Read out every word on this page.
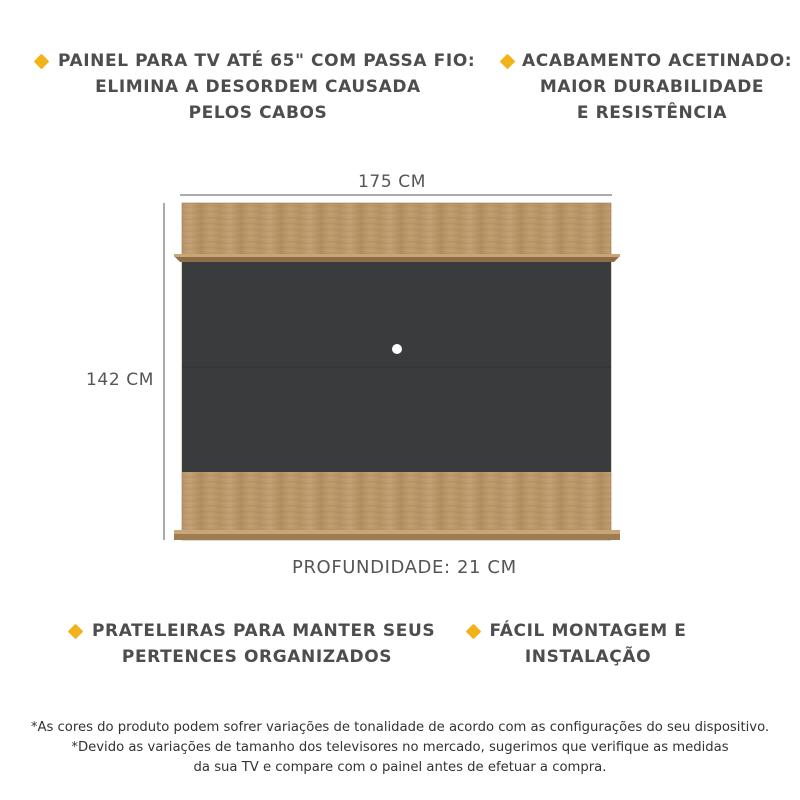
PAINEL PARA TV ATÉ 65" COM PASSA FIO:
ELIMINA A DESORDEM CAUSADA
PELOS CABOS
ACABAMENTO ACETINADO:
MAIOR DURABILIDADE
E RESISTÊNCIA
175 CM
142 CM
PROFUNDIDADE: 21 CM
PRATELEIRAS PARA MANTER SEUS
PERTENCES ORGANIZADOS
FÁCIL MONTAGEM E
INSTALAÇÃO
*As cores do produto podem sofrer variações de tonalidade de acordo com as configurações do seu dispositivo.
*Devido as variações de tamanho dos televisores no mercado, sugerimos que verifique as medidas
da sua TV e compare com o painel antes de efetuar a compra.
